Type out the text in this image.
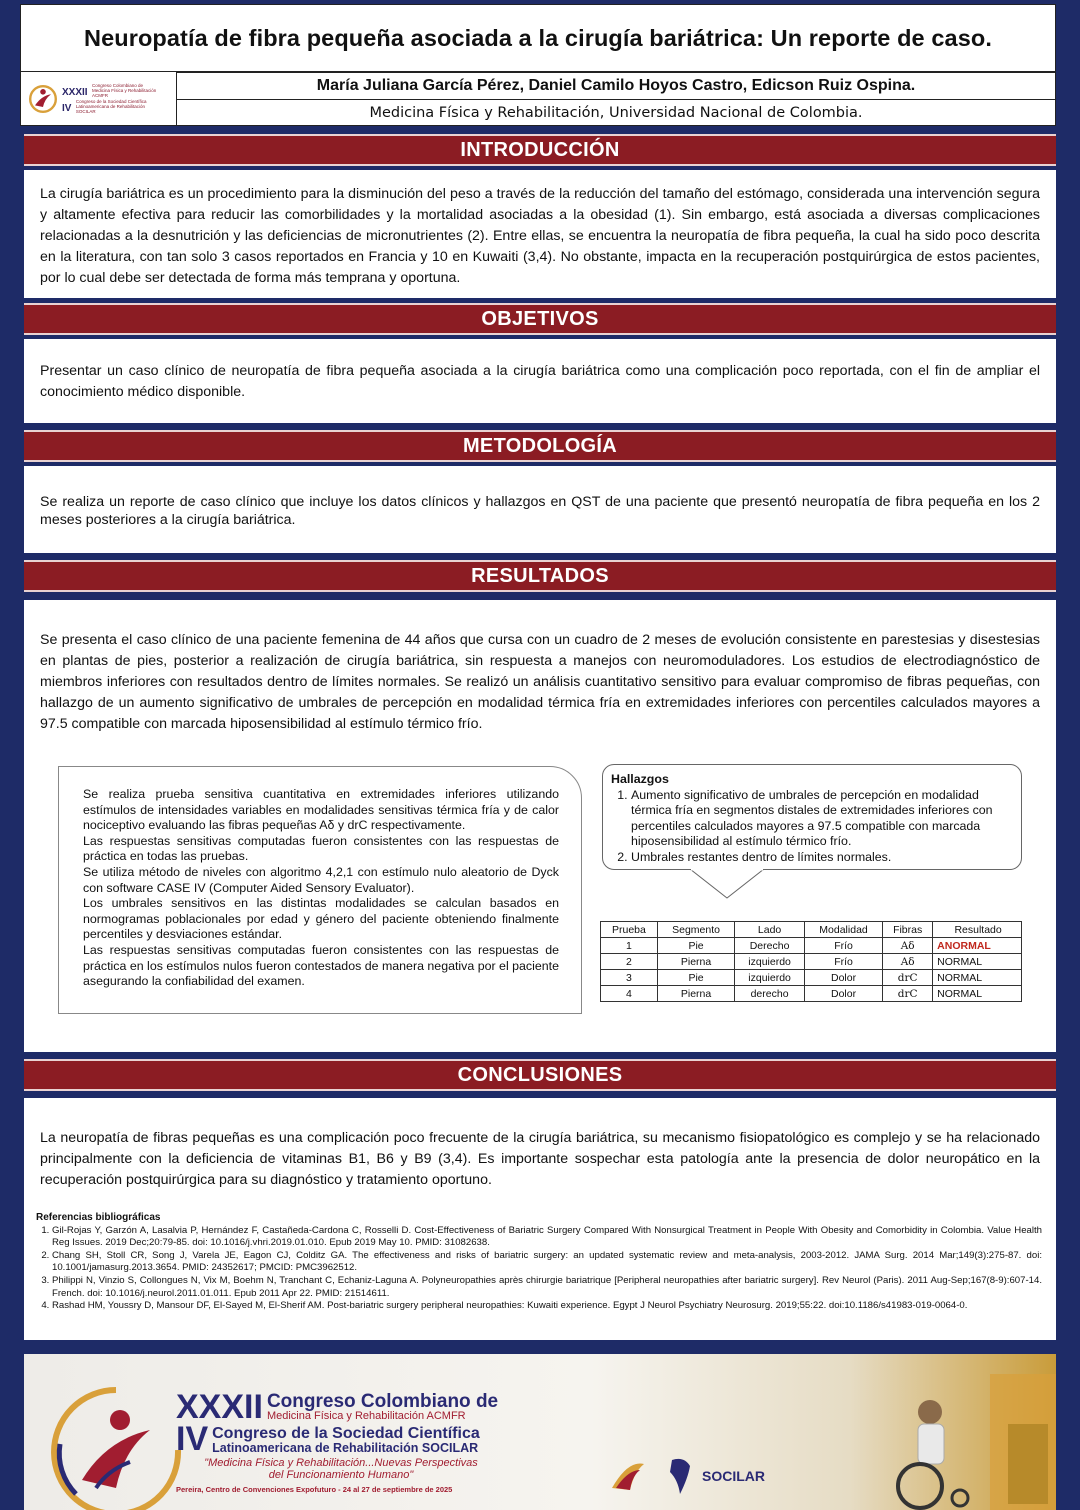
Neuropatía de fibra pequeña asociada a la cirugía bariátrica: Un reporte de caso.
XXXII Congreso Colombiano de Medicina Física y Rehabilitación ACMFR
IV Congreso de la Sociedad Científica Latinoamericana de Rehabilitación SOCILAR
María Juliana García Pérez, Daniel Camilo Hoyos Castro, Edicson Ruiz Ospina.
Medicina Física y Rehabilitación, Universidad Nacional de Colombia.
INTRODUCCIÓN

La cirugía bariátrica es un procedimiento para la disminución del peso a través de la reducción del tamaño del estómago, considerada una intervención segura y altamente efectiva para reducir las comorbilidades y la mortalidad asociadas a la obesidad (1). Sin embargo, está asociada a diversas complicaciones relacionadas a la desnutrición y las deficiencias de micronutrientes (2). Entre ellas, se encuentra la neuropatía de fibra pequeña, la cual ha sido poco descrita en la literatura, con tan solo 3 casos reportados en Francia y 10 en Kuwaiti (3,4). No obstante, impacta en la recuperación postquirúrgica de estos pacientes, por lo cual debe ser detectada de forma más temprana y oportuna.

OBJETIVOS

Presentar un caso clínico de neuropatía de fibra pequeña asociada a la cirugía bariátrica como una complicación poco reportada, con el fin de ampliar el conocimiento médico disponible.

METODOLOGÍA

Se realiza un reporte de caso clínico que incluye los datos clínicos y hallazgos en QST de una paciente que presentó neuropatía de fibra pequeña en los 2 meses posteriores a la cirugía bariátrica.

RESULTADOS

Se presenta el caso clínico de una paciente femenina de 44 años que cursa con un cuadro de 2 meses de evolución consistente en parestesias y disestesias en plantas de pies, posterior a realización de cirugía bariátrica, sin respuesta a manejos con neuromoduladores. Los estudios de electrodiagnóstico de miembros inferiores con resultados dentro de límites normales. Se realizó un análisis cuantitativo sensitivo para evaluar compromiso de fibras pequeñas, con hallazgo de un aumento significativo de umbrales de percepción en modalidad térmica fría en extremidades inferiores con percentiles calculados mayores a 97.5 compatible con marcada hiposensibilidad al estímulo térmico frío.

Se realiza prueba sensitiva cuantitativa en extremidades inferiores utilizando estímulos de intensidades variables en modalidades sensitivas térmica fría y de calor nociceptivo evaluando las fibras pequeñas Aδ y drC respectivamente.

Las respuestas sensitivas computadas fueron consistentes con las respuestas de práctica en todas las pruebas.

Se utiliza método de niveles con algoritmo 4,2,1 con estímulo nulo aleatorio de Dyck con software CASE IV (Computer Aided Sensory Evaluator).

Los umbrales sensitivos en las distintas modalidades se calculan basados en normogramas poblacionales por edad y género del paciente obteniendo finalmente percentiles y desviaciones estándar.

Las respuestas sensitivas computadas fueron consistentes con las respuestas de práctica en los estímulos nulos fueron contestados de manera negativa por el paciente asegurando la confiabilidad del examen.

Hallazgos
1. Aumento significativo de umbrales de percepción en modalidad térmica fría en segmentos distales de extremidades inferiores con percentiles calculados mayores a 97.5 compatible con marcada hiposensibilidad al estímulo térmico frío.
2. Umbrales restantes dentro de límites normales.
Prueba	Segmento	Lado	Modalidad	Fibras	Resultado
1	Pie	Derecho	Frío	Aδ	ANORMAL
2	Pierna	izquierdo	Frío	Aδ	NORMAL
3	Pie	izquierdo	Dolor	drC	NORMAL
4	Pierna	derecho	Dolor	drC	NORMAL
CONCLUSIONES

La neuropatía de fibras pequeñas es una complicación poco frecuente de la cirugía bariátrica, su mecanismo fisiopatológico es complejo y se ha relacionado principalmente con la deficiencia de vitaminas B1, B6 y B9 (3,4). Es importante sospechar esta patología ante la presencia de dolor neuropático en la recuperación postquirúrgica para su diagnóstico y tratamiento oportuno.

Referencias bibliográficas
1. Gil-Rojas Y, Garzón A, Lasalvia P, Hernández F, Castañeda-Cardona C, Rosselli D. Cost-Effectiveness of Bariatric Surgery Compared With Nonsurgical Treatment in People With Obesity and Comorbidity in Colombia. Value Health Reg Issues. 2019 Dec;20:79-85. doi: 10.1016/j.vhri.2019.01.010. Epub 2019 May 10. PMID: 31082638.
2. Chang SH, Stoll CR, Song J, Varela JE, Eagon CJ, Colditz GA. The effectiveness and risks of bariatric surgery: an updated systematic review and meta-analysis, 2003-2012. JAMA Surg. 2014 Mar;149(3):275-87. doi: 10.1001/jamasurg.2013.3654. PMID: 24352617; PMCID: PMC3962512.
3. Philippi N, Vinzio S, Collongues N, Vix M, Boehm N, Tranchant C, Echaniz-Laguna A. Polyneuropathies après chirurgie bariatrique [Peripheral neuropathies after bariatric surgery]. Rev Neurol (Paris). 2011 Aug-Sep;167(8-9):607-14. French. doi: 10.1016/j.neurol.2011.01.011. Epub 2011 Apr 22. PMID: 21514611.
4. Rashad HM, Youssry D, Mansour DF, El-Sayed M, El-Sherif AM. Post-bariatric surgery peripheral neuropathies: Kuwaiti experience. Egypt J Neurol Psychiatry Neurosurg. 2019;55:22. doi:10.1186/s41983-019-0064-0.
XXXII Congreso Colombiano de
Medicina Física y Rehabilitación ACMFR
IV Congreso de la Sociedad Científica
Latinoamericana de Rehabilitación SOCILAR
"Medicina Física y Rehabilitación...Nuevas Perspectivas
del Funcionamiento Humano"
Pereira, Centro de Convenciones Expofuturo - 24 al 27 de septiembre de 2025
SOCILAR
